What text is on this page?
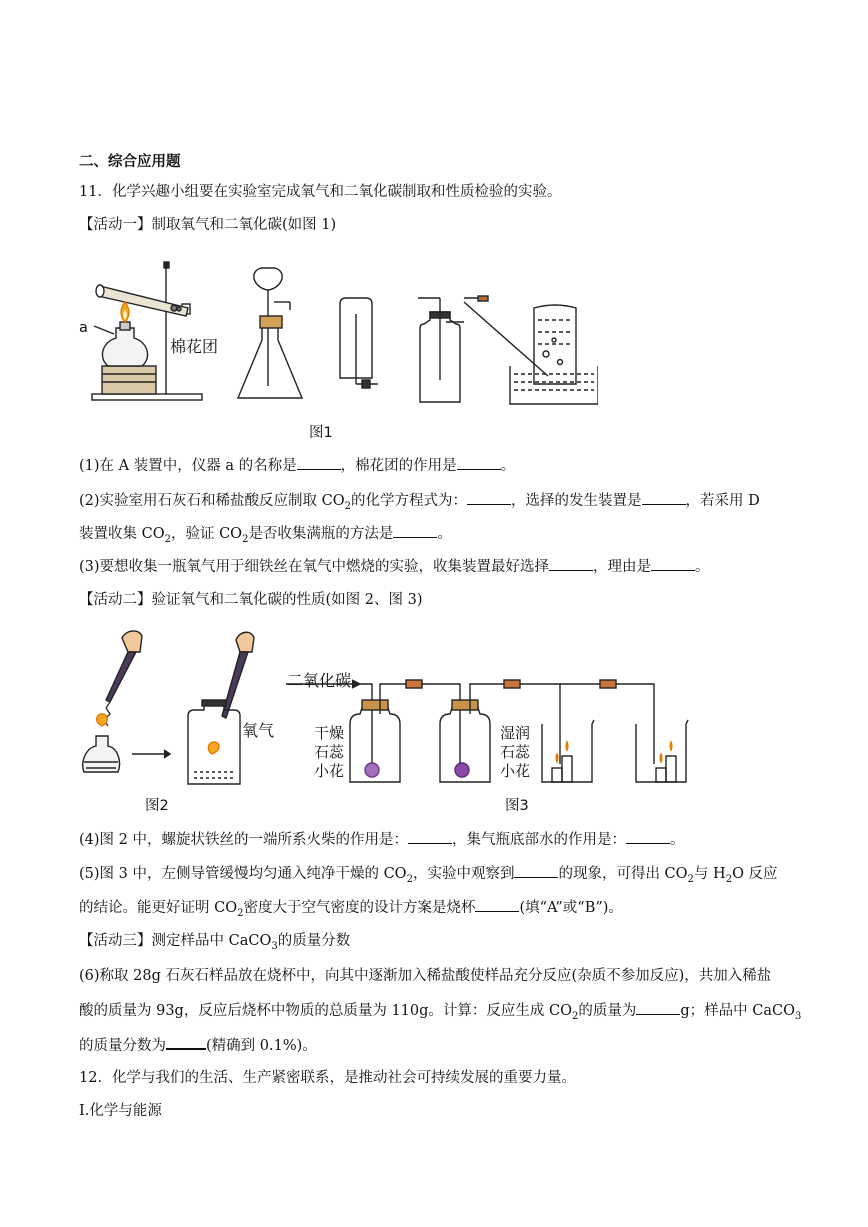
二、综合应用题
11．化学兴趣小组要在实验室完成氧气和二氧化碳制取和性质检验的实验。
【活动一】制取氧气和二氧化碳(如图 1)
a
棉花团
图1
(1)在 A 装置中，仪器 a 的名称是	，棉花团的作用是	。
(2)实验室用石灰石和稀盐酸反应制取 $CO_2$的化学方程式为：	，选择的发生装置是	，若采用 D
装置收集 $CO_2$，验证 $CO_2$是否收集满瓶的方法是	。
(3)要想收集一瓶氧气用于细铁丝在氧气中燃烧的实验，收集装置最好选择	，理由是	。
【活动二】验证氧气和二氧化碳的性质(如图 2、图 3)
氧气
图2
二氧化碳
干燥
石蕊
小花
湿润
石蕊
小花
图3
(4)图 2 中，螺旋状铁丝的一端所系火柴的作用是：	，集气瓶底部水的作用是：	。
(5)图 3 中，左侧导管缓慢均匀通入纯净干燥的 $CO_2$，实验中观察到	的现象，可得出 $CO_2$与 $H_2O$ 反应
的结论。能更好证明 $CO_2$密度大于空气密度的设计方案是烧杯	(填“A”或“B”)。
【活动三】测定样品中 CaCO$_3$的质量分数
(6)称取 28g 石灰石样品放在烧杯中，向其中逐渐加入稀盐酸使样品充分反应(杂质不参加反应)，共加入稀盐
酸的质量为 93g，反应后烧杯中物质的总质量为 110g。计算：反应生成 $CO_2$的质量为	g；样品中 CaCO$_3$
的质量分数为	(精确到 0.1%)。
12．化学与我们的生活、生产紧密联系，是推动社会可持续发展的重要力量。
Ⅰ.化学与能源
